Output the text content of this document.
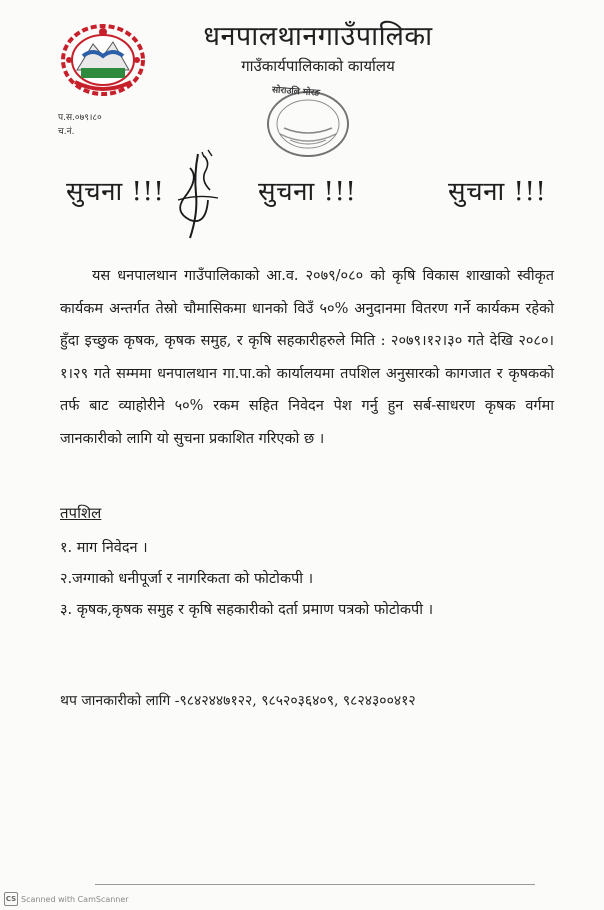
धनपालथानगाउँपालिका
गाउँकार्यपालिकाको कार्यालय
प.स.०७९।८०
च.नं.
सोराउलि मोरङ
सुचना !!!	सुचना !!!	सुचना !!!

यस धनपालथान गाउँपालिकाको आ.व. २०७९/०८० को कृषि विकास शाखाको स्वीकृत कार्यकम अन्तर्गत तेस्रो चौमासिकमा धानको विउँ ५०% अनुदानमा वितरण गर्ने कार्यकम रहेको हुँदा इच्छुक कृषक, कृषक समुह, र कृषि सहकारीहरुले मिति : २०७९।१२।३० गते देखि २०८०।१।२९ गते सम्ममा धनपालथान गा.पा.को कार्यालयमा तपशिल अनुसारको कागजात र कृषकको तर्फ बाट व्याहोरीने ५०% रकम सहित निवेदन पेश गर्नु हुन सर्ब-साधरण कृषक वर्गमा जानकारीको लागि यो सुचना प्रकाशित गरिएको छ ।

तपशिल
१. माग निवेदन ।
२.जग्गाको धनीपूर्जा र नागरिकता को फोटोकपी ।
३. कृषक,कृषक समुह र कृषि सहकारीको दर्ता प्रमाण पत्रको फोटोकपी ।
थप जानकारीको लागि -९८४२४४७१२२, ९८५२०३६४०९, ९८२४३००४१२
CS Scanned with CamScanner
